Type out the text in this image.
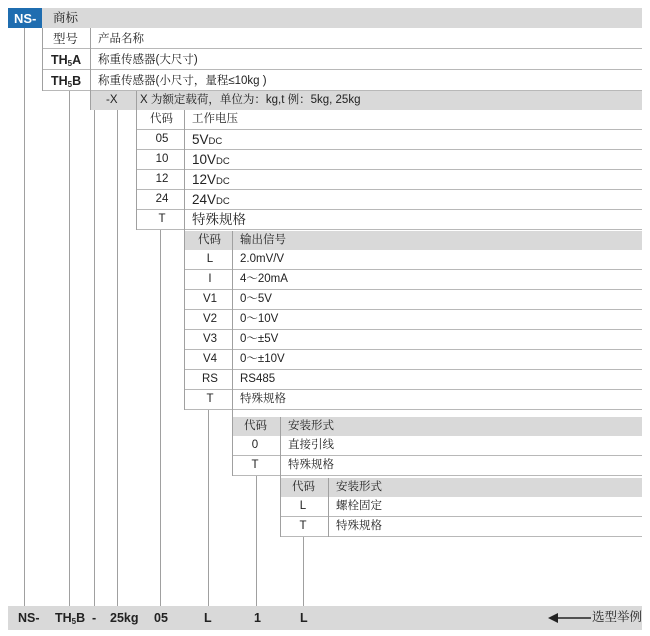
NS- 商标
型号 产品名称
TH5A 称重传感器(大尺寸)
TH5B 称重传感器(小尺寸，量程≤10kg )
-X X 为额定载荷，单位为：kg,t 例：5kg, 25kg
代码 工作电压
05	5VDC
10	10VDC
12	12VDC
24	24VDC
T	特殊规格
代码 输出信号
L	2.0mV/V
I	4～20mA
V1	0～5V
V2	0～10V
V3	0～±5V
V4	0～±10V
RS	RS485
T	特殊规格
代码 安装形式
0	直接引线
T	特殊规格
代码 安装形式
L	螺栓固定
T	特殊规格
NS- TH5B - 25kg 05	L	1	L	选型举例
